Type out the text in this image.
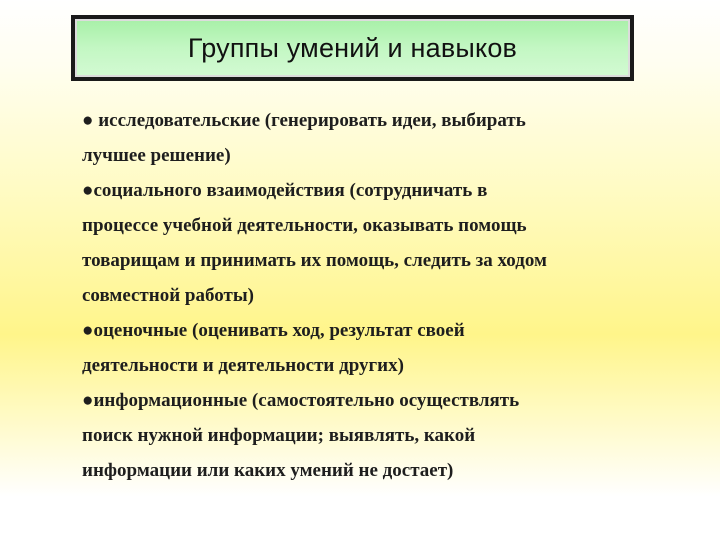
Группы умений и навыков
● исследовательские (генерировать идеи, выбирать
лучшее решение)
●социального взаимодействия (сотрудничать в
процессе учебной деятельности, оказывать помощь
товарищам и принимать их помощь, следить за ходом
совместной работы)
●оценочные (оценивать ход, результат своей
деятельности и деятельности других)
●информационные (самостоятельно осуществлять
поиск нужной информации; выявлять, какой
информации или каких умений не достает)
